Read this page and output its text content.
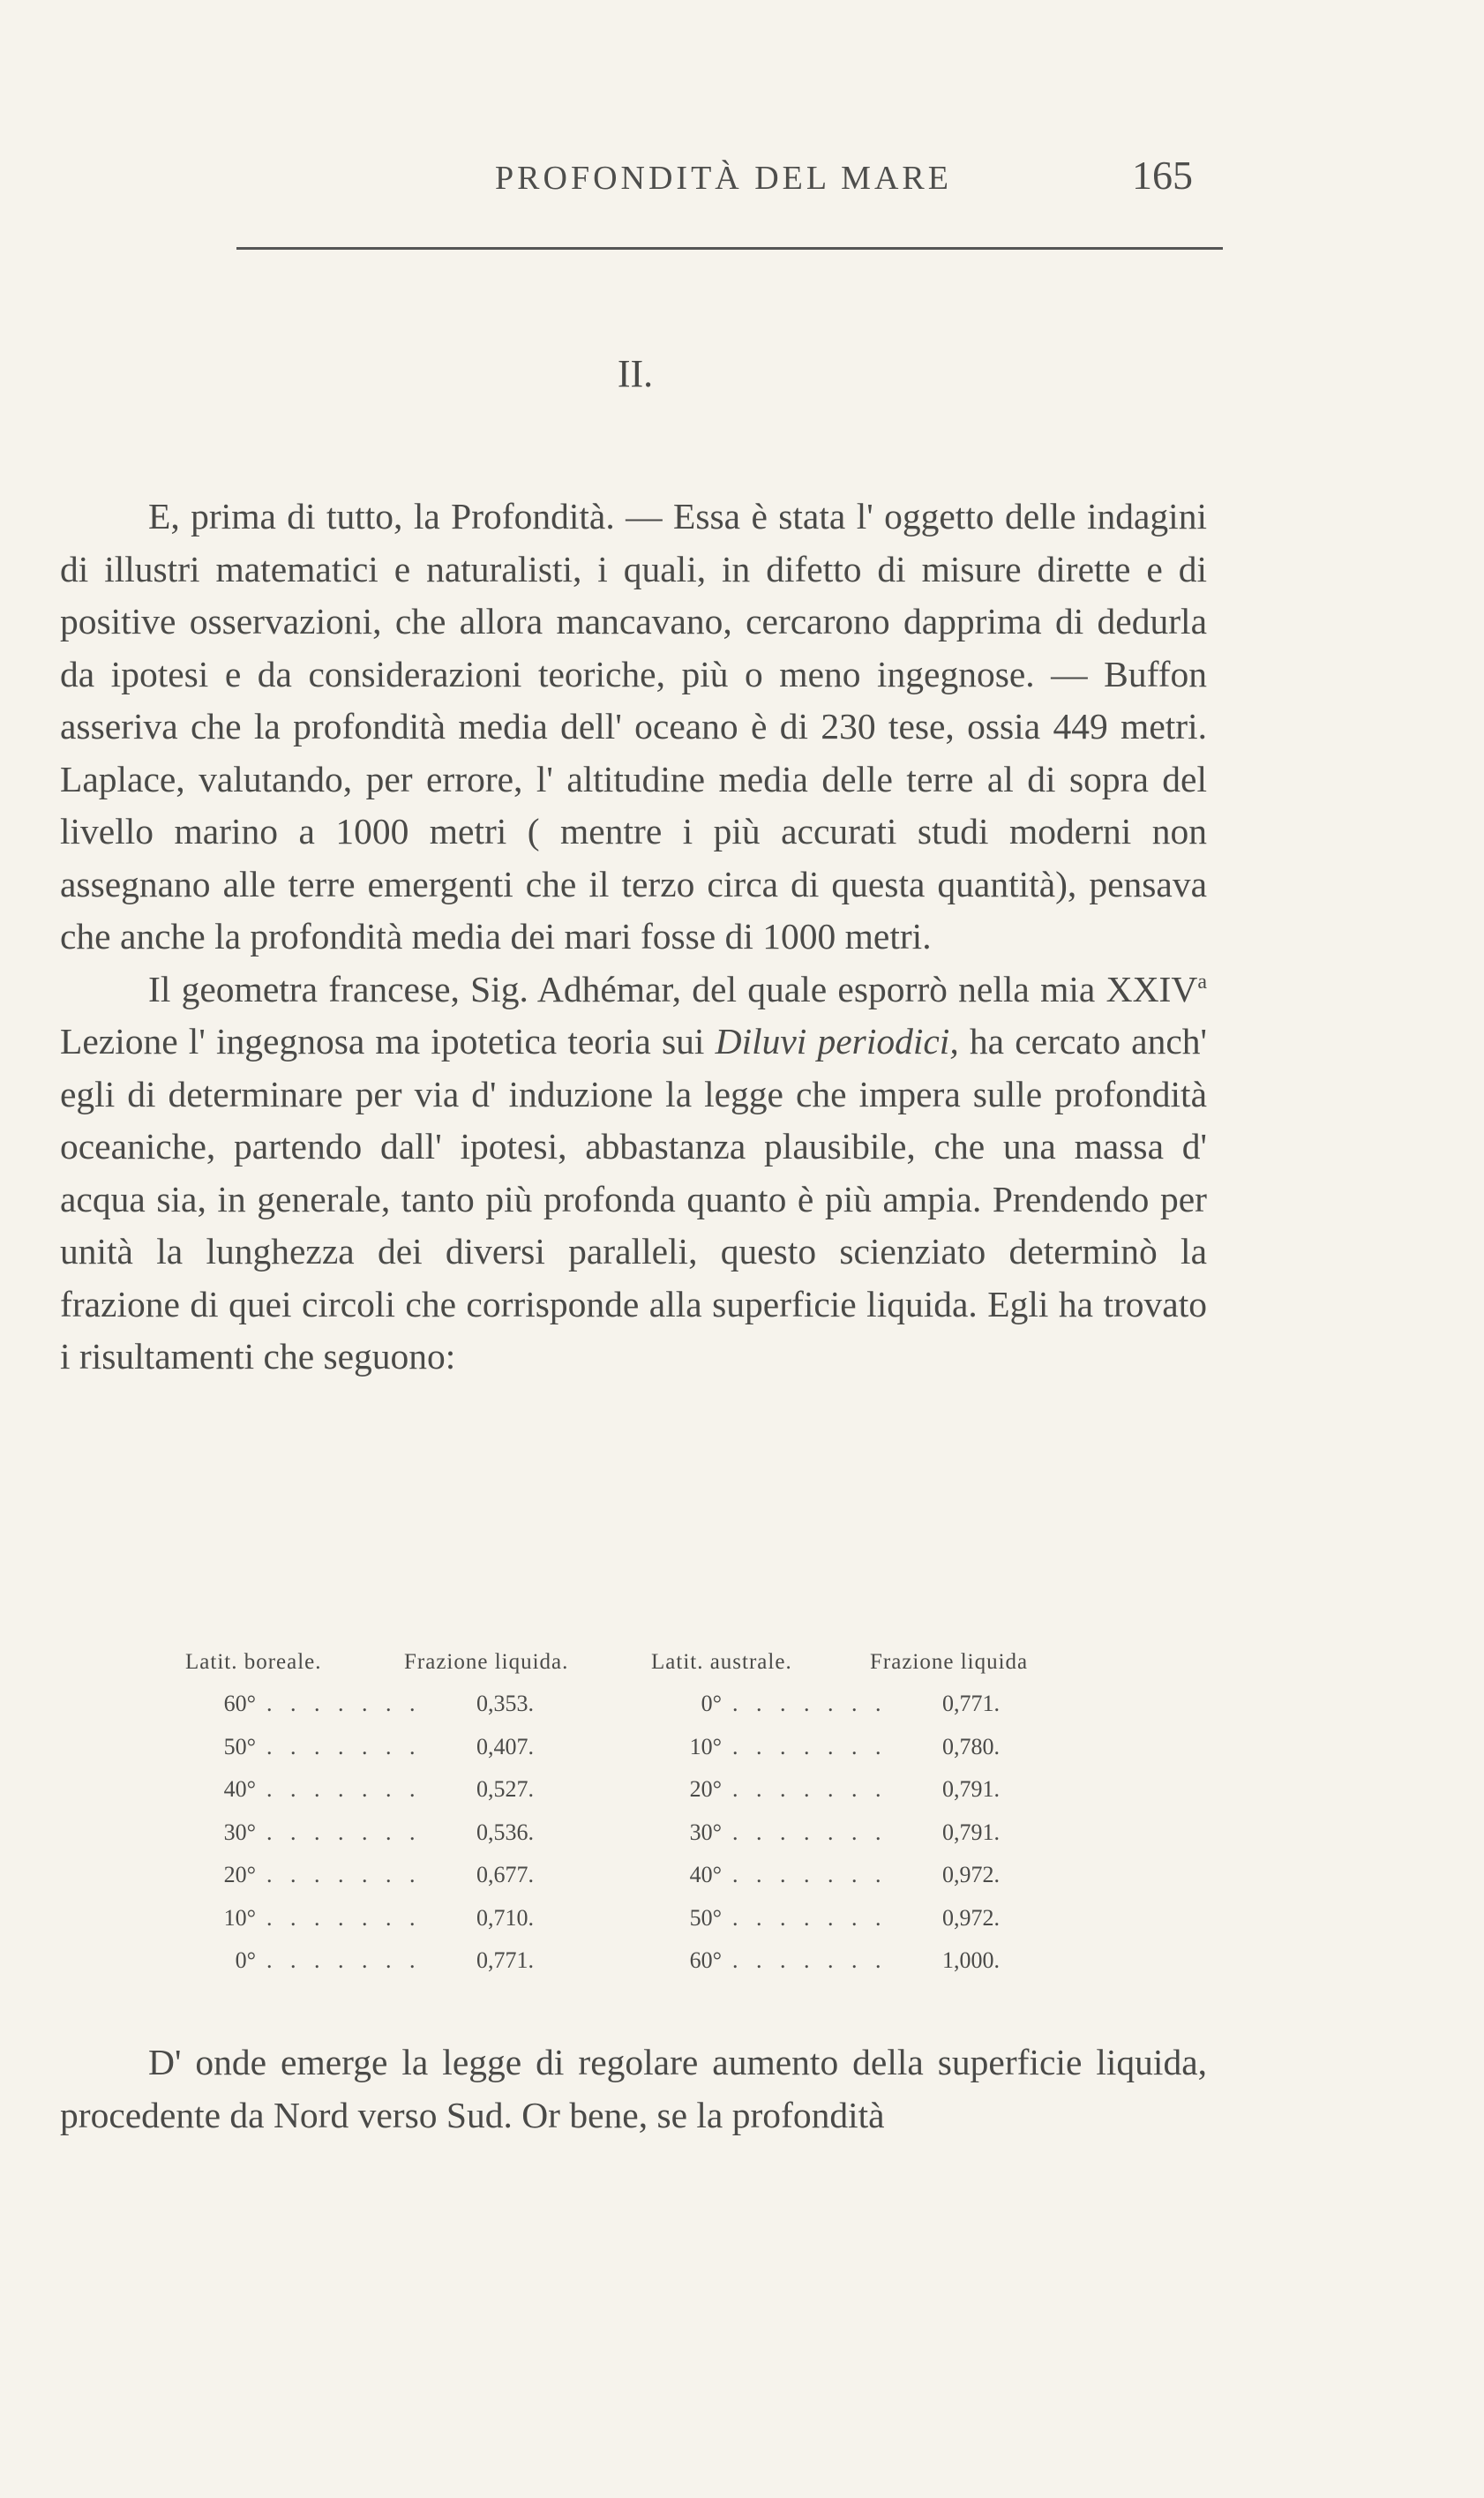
PROFONDITÀ DEL MARE	165
II.

E, prima di tutto, la Profondità. — Essa è stata l' oggetto delle indagini di illustri matematici e naturalisti, i quali, in difetto di misure dirette e di positive osservazioni, che allora mancavano, cercarono dapprima di dedurla da ipotesi e da considerazioni teoriche, più o meno ingegnose. — Buffon asseriva che la profondità media dell' oceano è di 230 tese, ossia 449 metri. Laplace, valutando, per errore, l' altitudine media delle terre al di sopra del livello marino a 1000 metri ( mentre i più accurati studi moderni non assegnano alle terre emergenti che il terzo circa di questa quantità), pensava che anche la profondità media dei mari fosse di 1000 metri.

Il geometra francese, Sig. Adhémar, del quale esporrò nella mia XXIV$^a$ Lezione l' ingegnosa ma ipotetica teoria sui Diluvi periodici, ha cercato anch' egli di determinare per via d' induzione la legge che impera sulle profondità oceaniche, partendo dall' ipotesi, abbastanza plausibile, che una massa d' acqua sia, in generale, tanto più profonda quanto è più ampia. Prendendo per unità la lunghezza dei diversi paralleli, questo scienziato determinò la frazione di quei circoli che corrisponde alla superficie liquida. Egli ha trovato i risultamenti che seguono:

Latit. boreale.	Frazione liquida.
60° . . . . . . . 0,353.
50° . . . . . . . 0,407.
40° . . . . . . . 0,527.
30° . . . . . . . 0,536.
20° . . . . . . . 0,677.
10° . . . . . . . 0,710.
0° . . . . . . . 0,771.
Latit. australe.	Frazione liquida
0° . . . . . . . 0,771.
10° . . . . . . . 0,780.
20° . . . . . . . 0,791.
30° . . . . . . . 0,791.
40° . . . . . . . 0,972.
50° . . . . . . . 0,972.
60° . . . . . . . 1,000.

D' onde emerge la legge di regolare aumento della superficie liquida, procedente da Nord verso Sud. Or bene, se la profondità
